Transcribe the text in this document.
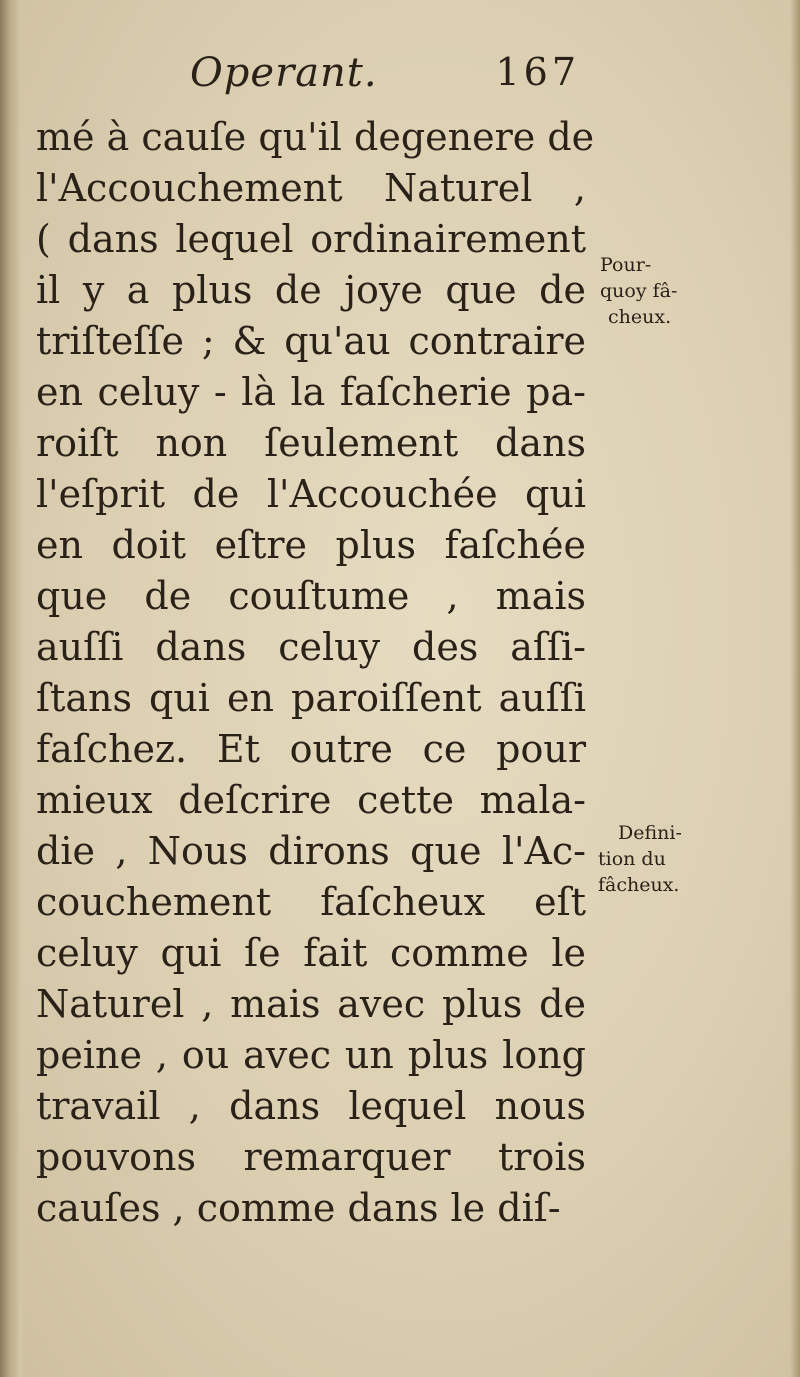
Operant.	167
mé à cauſe qu'il degenere de
l'Accouchement Naturel ,
( dans lequel ordinairement
il y a plus de joye que de
triſteſſe ; & qu'au contraire
en celuy - là la faſcherie pa-
roiſt non ſeulement dans
l'eſprit de l'Accouchée qui
en doit eſtre plus faſchée
que de couſtume , mais
auſſi dans celuy des aſſi-
ſtans qui en paroiſſent auſſi
faſchez. Et outre ce pour
mieux deſcrire cette mala-
die , Nous dirons que l'Ac-
couchement faſcheux eſt
celuy qui ſe fait comme le
Naturel , mais avec plus de
peine , ou avec un plus long
travail , dans lequel nous
pouvons remarquer trois
cauſes , comme dans le diſ-
Pour-
quoy fâ-
cheux.
Defini-
tion du
fâcheux.
